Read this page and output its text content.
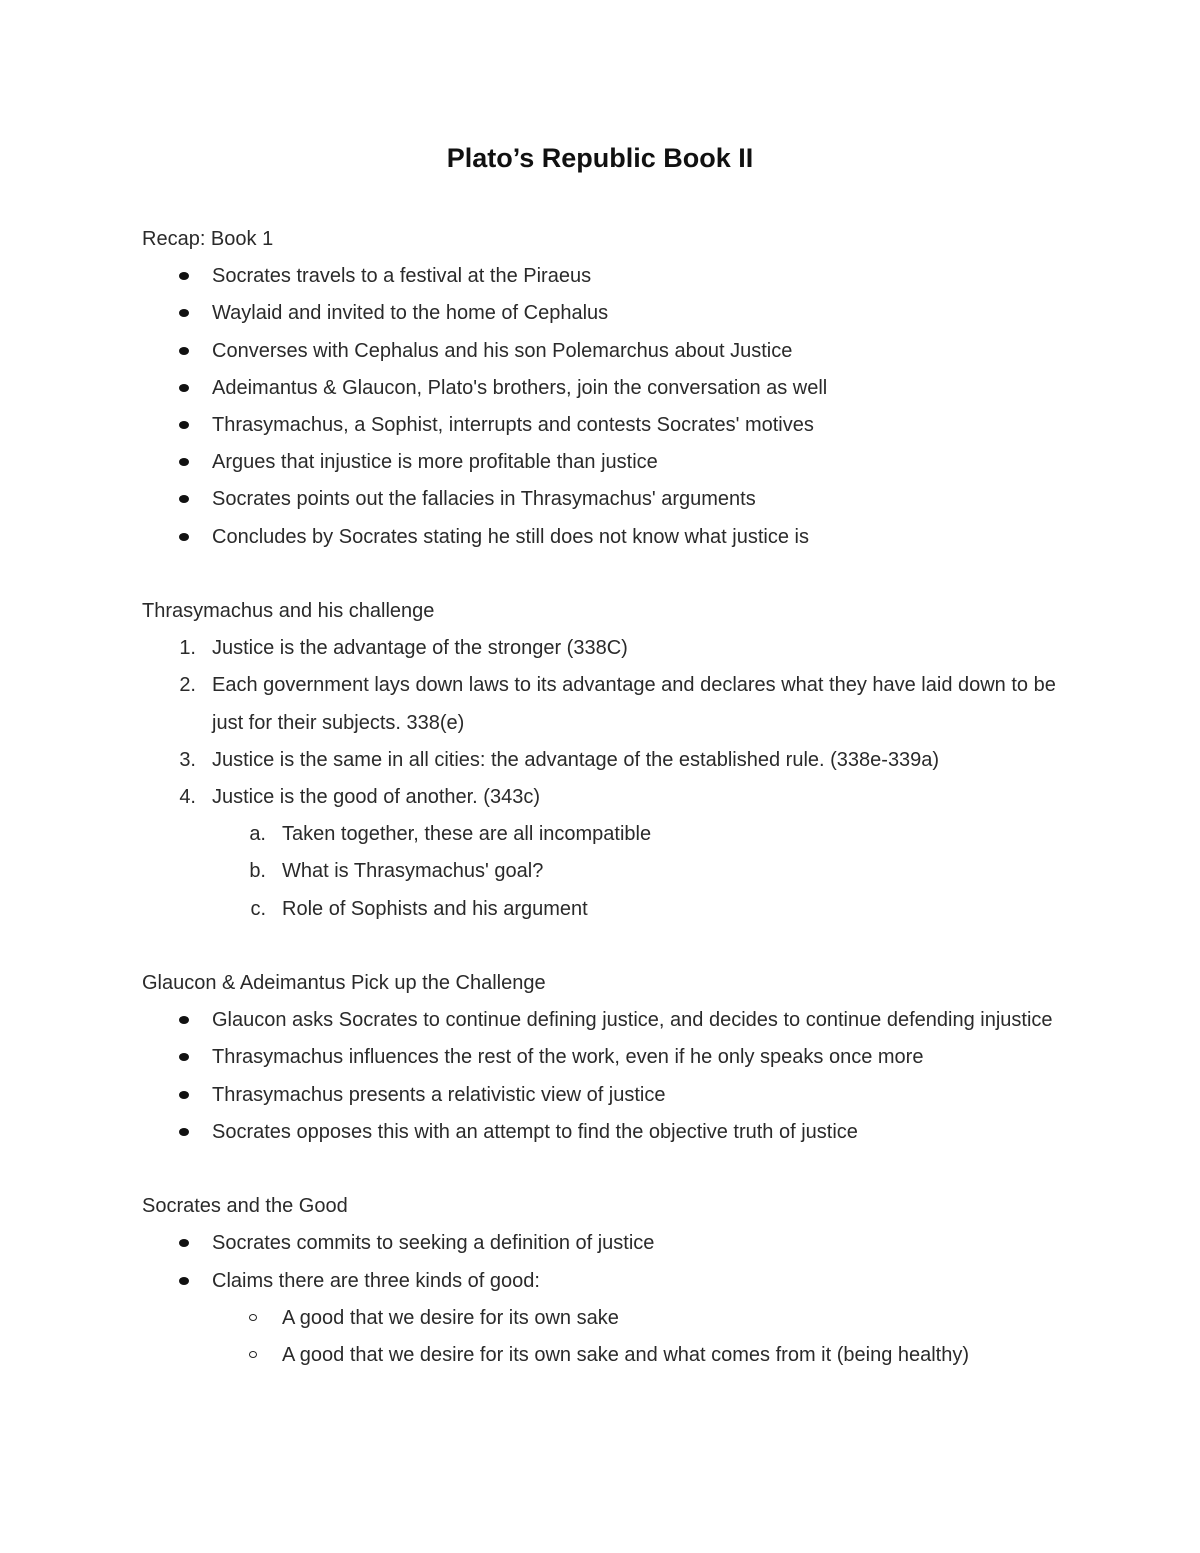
Plato’s Republic Book II
Recap: Book 1
Socrates travels to a festival at the Piraeus
Waylaid and invited to the home of Cephalus
Converses with Cephalus and his son Polemarchus about Justice
Adeimantus & Glaucon, Plato's brothers, join the conversation as well
Thrasymachus, a Sophist, interrupts and contests Socrates' motives
Argues that injustice is more profitable than justice
Socrates points out the fallacies in Thrasymachus' arguments
Concludes by Socrates stating he still does not know what justice is
Thrasymachus and his challenge
1. Justice is the advantage of the stronger (338C)
2. Each government lays down laws to its advantage and declares what they have laid down to be just for their subjects. 338(e)
3. Justice is the same in all cities: the advantage of the established rule. (338e-339a)
4. Justice is the good of another. (343c)
a. Taken together, these are all incompatible
b. What is Thrasymachus' goal?
c. Role of Sophists and his argument
Glaucon & Adeimantus Pick up the Challenge
Glaucon asks Socrates to continue defining justice, and decides to continue defending injustice
Thrasymachus influences the rest of the work, even if he only speaks once more
Thrasymachus presents a relativistic view of justice
Socrates opposes this with an attempt to find the objective truth of justice
Socrates and the Good
Socrates commits to seeking a definition of justice
Claims there are three kinds of good:
A good that we desire for its own sake
A good that we desire for its own sake and what comes from it (being healthy)
